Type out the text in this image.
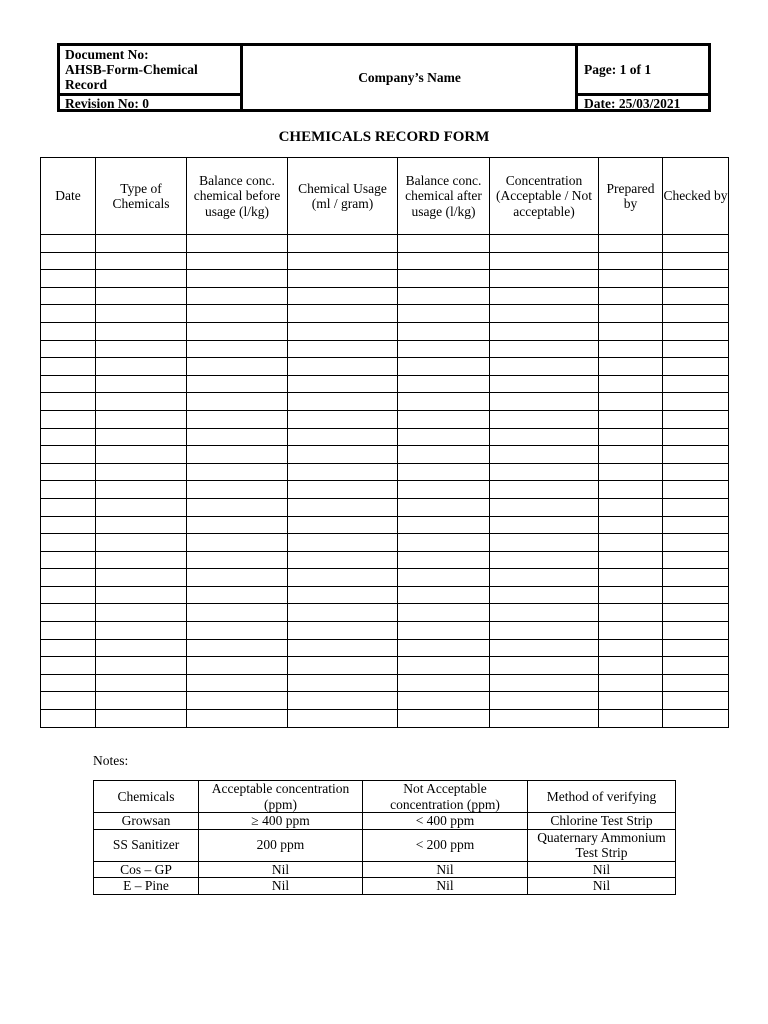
Document No:
AHSB-Form-Chemical Record
Revision No: 0
Company’s Name
Page: 1 of 1
Date: 25/03/2021
CHEMICALS RECORD FORM
Date	Type of Chemicals	Balance conc. chemical before usage (l/kg)	Chemical Usage (ml / gram)	Balance conc. chemical after usage (l/kg)	Concentration (Acceptable / Not acceptable)	Prepared by	Checked by

Notes:
Chemicals	Acceptable concentration (ppm)	Not Acceptable concentration (ppm)	Method of verifying
Growsan	≥ 400 ppm	< 400 ppm	Chlorine Test Strip
SS Sanitizer	200 ppm	< 200 ppm	Quaternary Ammonium Test Strip
Cos – GP	Nil	Nil	Nil
E – Pine	Nil	Nil	Nil
